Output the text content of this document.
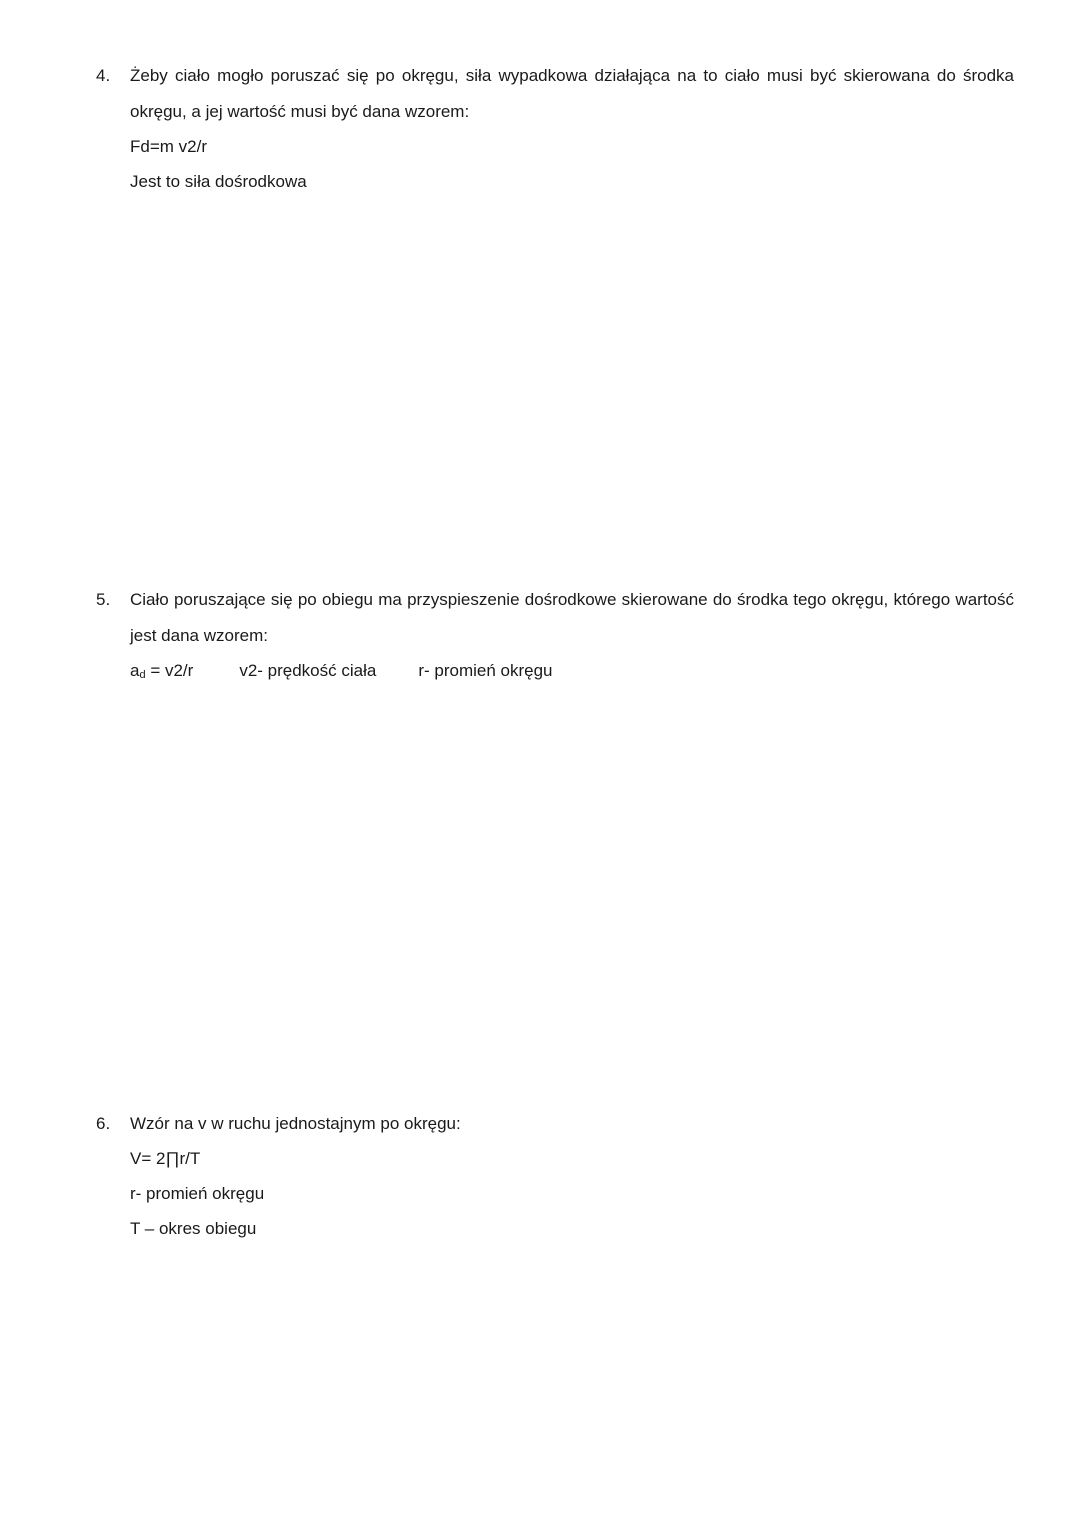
4.	Żeby ciało mogło poruszać się po okręgu, siła wypadkowa działająca na to ciało musi być skierowana do środka
okręgu, a jej wartość musi być dana wzorem:
Fd=m v2/r
Jest to siła dośrodkowa
5.	Ciało poruszające się po obiegu ma przyspieszenie dośrodkowe skierowane do środka tego okręgu, którego wartość
jest dana wzorem:
ad = v2/r	v2- prędkość ciała r- promień okręgu
6.	Wzór na v w ruchu jednostajnym po okręgu:
V= 2∏r/T
r- promień okręgu
T – okres obiegu
